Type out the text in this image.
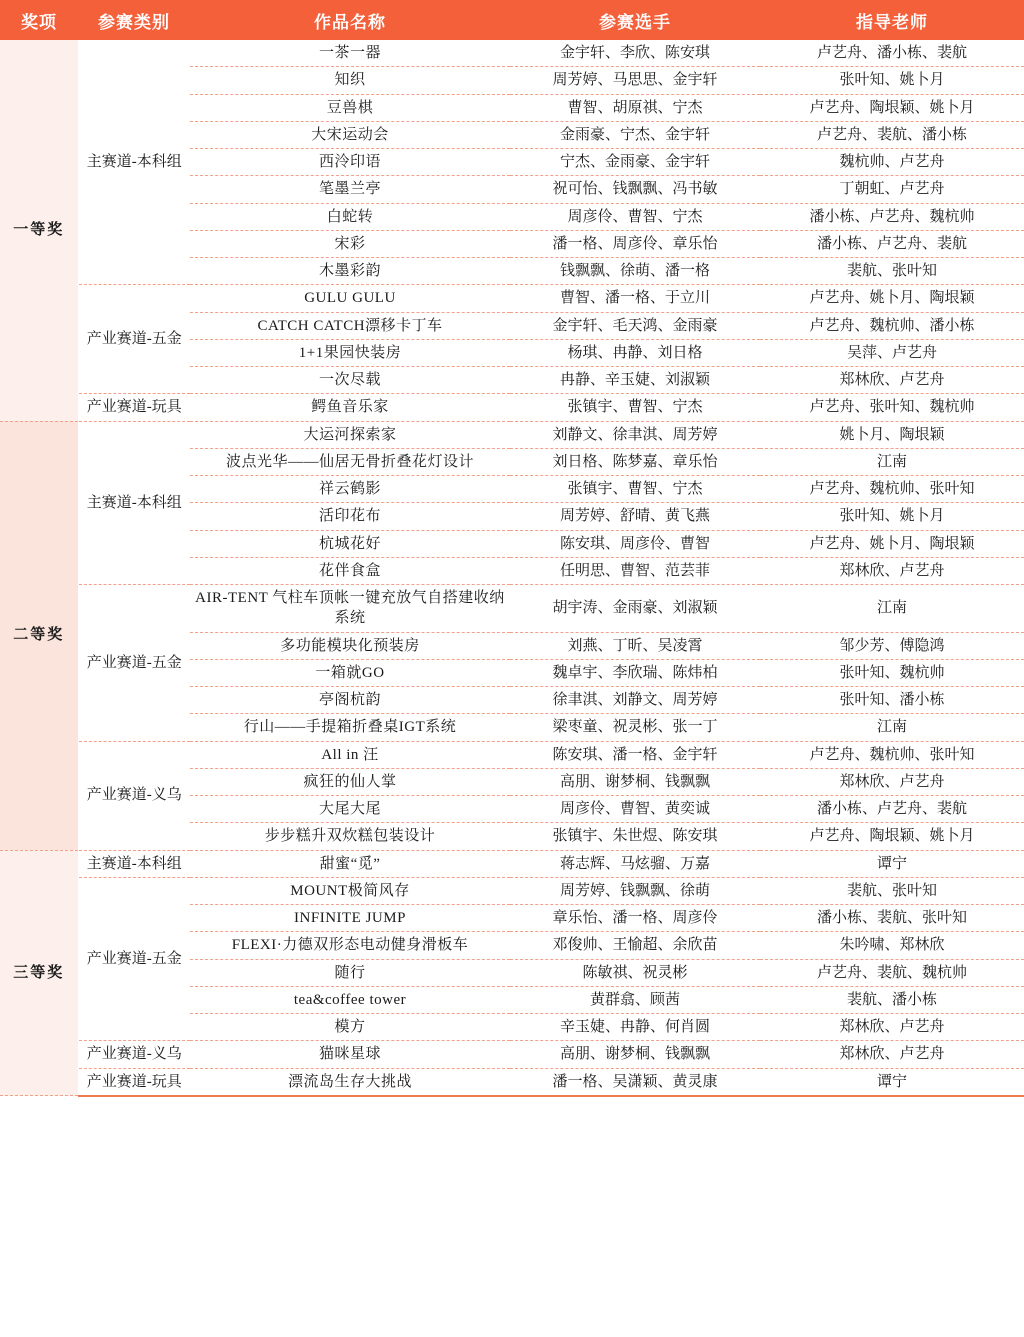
奖项	参赛类别	作品名称	参赛选手	指导老师
一等奖	主赛道-本科组	一茶一器	金宇轩、李欣、陈安琪	卢艺舟、潘小栋、裴航
		知织	周芳婷、马思思、金宇轩	张叶知、姚卜月
		豆兽棋	曹智、胡原祺、宁杰	卢艺舟、陶垠颖、姚卜月
		大宋运动会	金雨豪、宁杰、金宇轩	卢艺舟、裴航、潘小栋
		西泠印语	宁杰、金雨豪、金宇轩	魏杭帅、卢艺舟
		笔墨兰亭	祝可怡、钱飘飘、冯书敏	丁朝虹、卢艺舟
		白蛇转	周彦伶、曹智、宁杰	潘小栋、卢艺舟、魏杭帅
		宋彩	潘一格、周彦伶、章乐怡	潘小栋、卢艺舟、裴航
		木墨彩韵	钱飘飘、徐萌、潘一格	裴航、张叶知
	产业赛道-五金	GULU GULU	曹智、潘一格、于立川	卢艺舟、姚卜月、陶垠颖
		CATCH CATCH漂移卡丁车	金宇轩、毛天鸿、金雨豪	卢艺舟、魏杭帅、潘小栋
		1+1果园快装房	杨琪、冉静、刘日格	吴萍、卢艺舟
		一次尽载	冉静、辛玉婕、刘淑颖	郑林欣、卢艺舟
	产业赛道-玩具	鳄鱼音乐家	张镇宇、曹智、宁杰	卢艺舟、张叶知、魏杭帅
二等奖	主赛道-本科组	大运河探索家	刘静文、徐聿淇、周芳婷	姚卜月、陶垠颖
		波点光华——仙居无骨折叠花灯设计	刘日格、陈梦嘉、章乐怡	江南
		祥云鹤影	张镇宇、曹智、宁杰	卢艺舟、魏杭帅、张叶知
		活印花布	周芳婷、舒晴、黄飞燕	张叶知、姚卜月
		杭城花好	陈安琪、周彦伶、曹智	卢艺舟、姚卜月、陶垠颖
		花伴食盒	任明思、曹智、范芸菲	郑林欣、卢艺舟
	产业赛道-五金	AIR-TENT 气柱车顶帐一键充放气自搭建收纳系统	胡宇涛、金雨豪、刘淑颖	江南
		多功能模块化预装房	刘燕、丁昕、吴凌霄	邹少芳、傅隐鸿
		一箱就GO	魏卓宇、李欣瑞、陈炜柏	张叶知、魏杭帅
		亭阁杭韵	徐聿淇、刘静文、周芳婷	张叶知、潘小栋
		行山——手提箱折叠桌IGT系统	梁枣童、祝灵彬、张一丁	江南
	产业赛道-义乌	All in 汪	陈安琪、潘一格、金宇轩	卢艺舟、魏杭帅、张叶知
		疯狂的仙人掌	高朋、谢梦桐、钱飘飘	郑林欣、卢艺舟
		大尾大尾	周彦伶、曹智、黄奕诚	潘小栋、卢艺舟、裴航
		步步糕升双炊糕包装设计	张镇宇、朱世煜、陈安琪	卢艺舟、陶垠颖、姚卜月
三等奖	主赛道-本科组	甜蜜“觅”	蒋志辉、马炫骝、万嘉	谭宁
	产业赛道-五金	MOUNT极简风存	周芳婷、钱飘飘、徐萌	裴航、张叶知
		INFINITE JUMP	章乐怡、潘一格、周彦伶	潘小栋、裴航、张叶知
		FLEXI·力德双形态电动健身滑板车	邓俊帅、王愉超、余欣苗	朱吟啸、郑林欣
		随行	陈敏祺、祝灵彬	卢艺舟、裴航、魏杭帅
		tea&coffee tower	黄群翕、顾茜	裴航、潘小栋
		模方	辛玉婕、冉静、何肖圆	郑林欣、卢艺舟
	产业赛道-义乌	猫咪星球	高朋、谢梦桐、钱飘飘	郑林欣、卢艺舟
	产业赛道-玩具	漂流岛生存大挑战	潘一格、吴潇颖、黄灵康	谭宁
